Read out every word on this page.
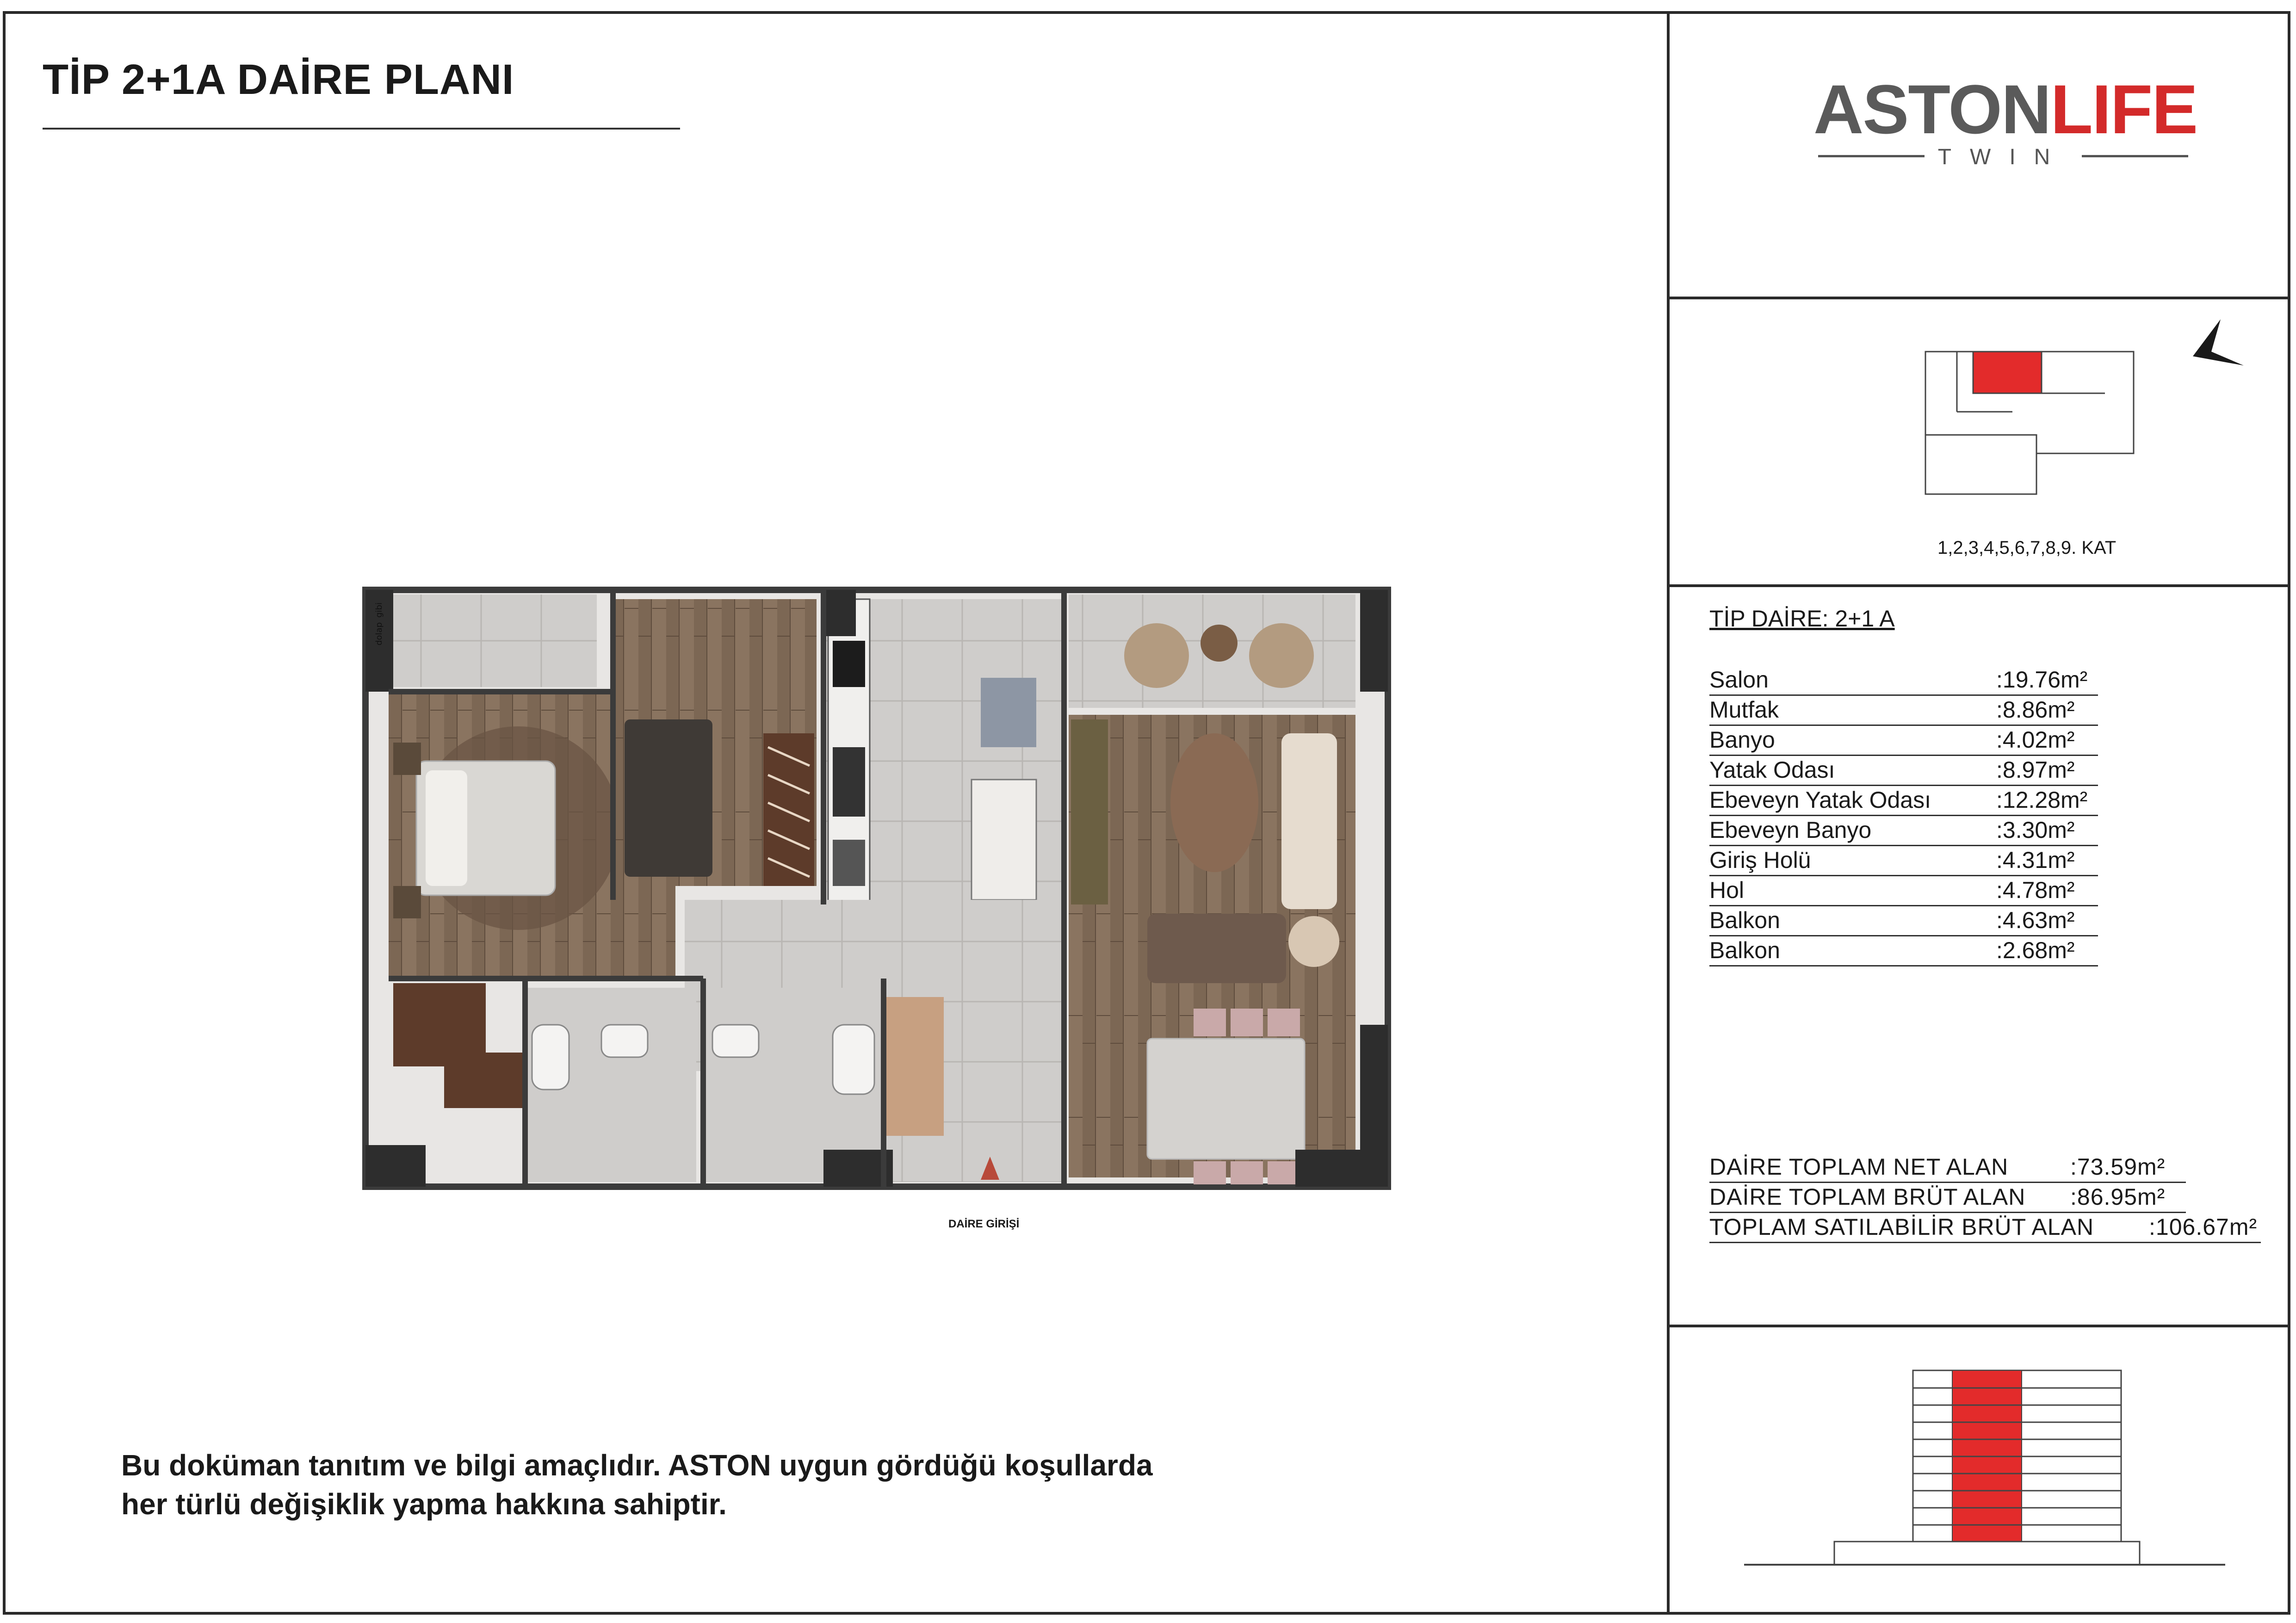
TİP 2+1A DAİRE PLANI	ASTONLIFE
TWIN
1,2,3,4,5,6,7,8,9. KAT
TİP DAİRE: 2+1 A
Salon	:19.76m²
Mutfak	:8.86m²
Banyo	:4.02m²
Yatak Odası	:8.97m²
Ebeveyn Yatak Odası	:12.28m²
Ebeveyn Banyo	:3.30m²
Giriş Holü	:4.31m²
Hol	:4.78m²
Balkon	:4.63m²
Balkon	:2.68m²
DAİRE TOPLAM NET ALAN	:73.59m²
DAİRE TOPLAM BRÜT ALAN :86.95m²
TOPLAM SATILABİLİR BRÜT ALAN :106.67m²
gibi
dolap
DAİRE GİRİŞİ
Bu doküman tanıtım ve bilgi amaçlıdır. ASTON uygun gördüğü koşullarda
her türlü değişiklik yapma hakkına sahiptir.
